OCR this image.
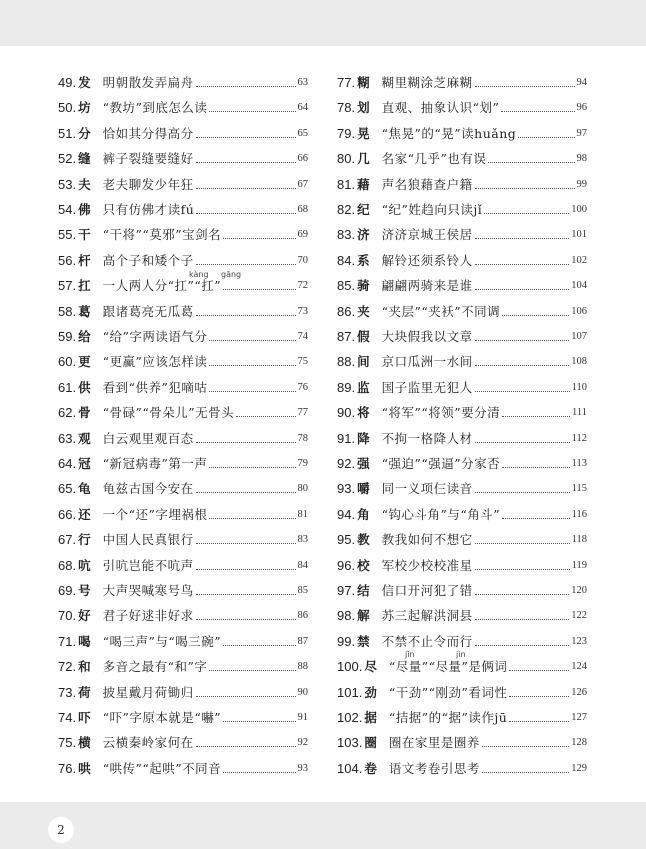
49. 发 明朝散发弄扁舟	63
50. 坊 “教坊”到底怎么读	64
51. 分 恰如其分得高分	65
52. 缝 裤子裂缝要缝好	66
53. 夫 老夫聊发少年狂	67
54. 佛 只有仿佛才读fú	68
55. 干 “干将”“莫邪”宝剑名	69
56. 杆 高个子和矮个子	70
57. 扛 一人两人分“扛”“扛”	72
58. 葛 跟诸葛亮无瓜葛	73
59. 给 “给”字两读语气分	74
60. 更 “更赢”应该怎样读	75
61. 供 看到“供养”犯嘀咕	76
62. 骨 “骨碌”“骨朵儿”无骨头	77
63. 观 白云观里观百态	78
64. 冠 “新冠病毒”第一声	79
65. 龟 龟兹古国今安在	80
66. 还 一个“还”字埋祸根	81
67. 行 中国人民真银行	83
68. 吭 引吭岂能不吭声	84
69. 号 大声哭喊寒号鸟	85
70. 好 君子好逑非好求	86
71. 喝 “喝三声”与“喝三碗”	87
72. 和 多音之最有“和”字	88
73. 荷 披星戴月荷锄归	90
74. 吓 “吓”字原本就是“嚇”	91
75. 横 云横秦岭家何在	92
76. 哄 “哄传”“起哄”不同音	93
77. 糊 糊里糊涂芝麻糊	94
78. 划 直观、抽象认识“划”	96
79. 晃 “焦晃”的“晃”读huǎng	97
80. 几 名家“几乎”也有误	98
81. 藉 声名狼藉查户籍	99
82. 纪 “纪”姓趋向只读jǐ	100
83. 济 济济京城王侯居	101
84. 系 解铃还须系铃人	102
85. 骑 翩翩两骑来是谁	104
86. 夹 “夹层”“夹袄”不同调	106
87. 假 大块假我以文章	107
88. 间 京口瓜洲一水间	108
89. 监 国子监里无犯人	110
90. 将 “将军”“将领”要分清	111
91. 降 不拘一格降人材	112
92. 强 “强迫”“强逼”分家否	113
93. 嚼 同一义项仨读音	115
94. 角 “钩心斗角”与“角斗”	116
95. 教 教我如何不想它	118
96. 校 军校少校校准星	119
97. 结 信口开河犯了错	120
98. 解 苏三起解洪洞县	122
99. 禁 不禁不止令而行	123
100. 尽 “尽量”“尽量”是俩词	124
101. 劲 “干劲”“刚劲”看词性	126
102. 据 “拮据”的“据”读作jū	127
103. 圈 圈在家里是圈养	128
104. 卷 语文考卷引思考	129
kàng gāng
jǐn	jìn
2
